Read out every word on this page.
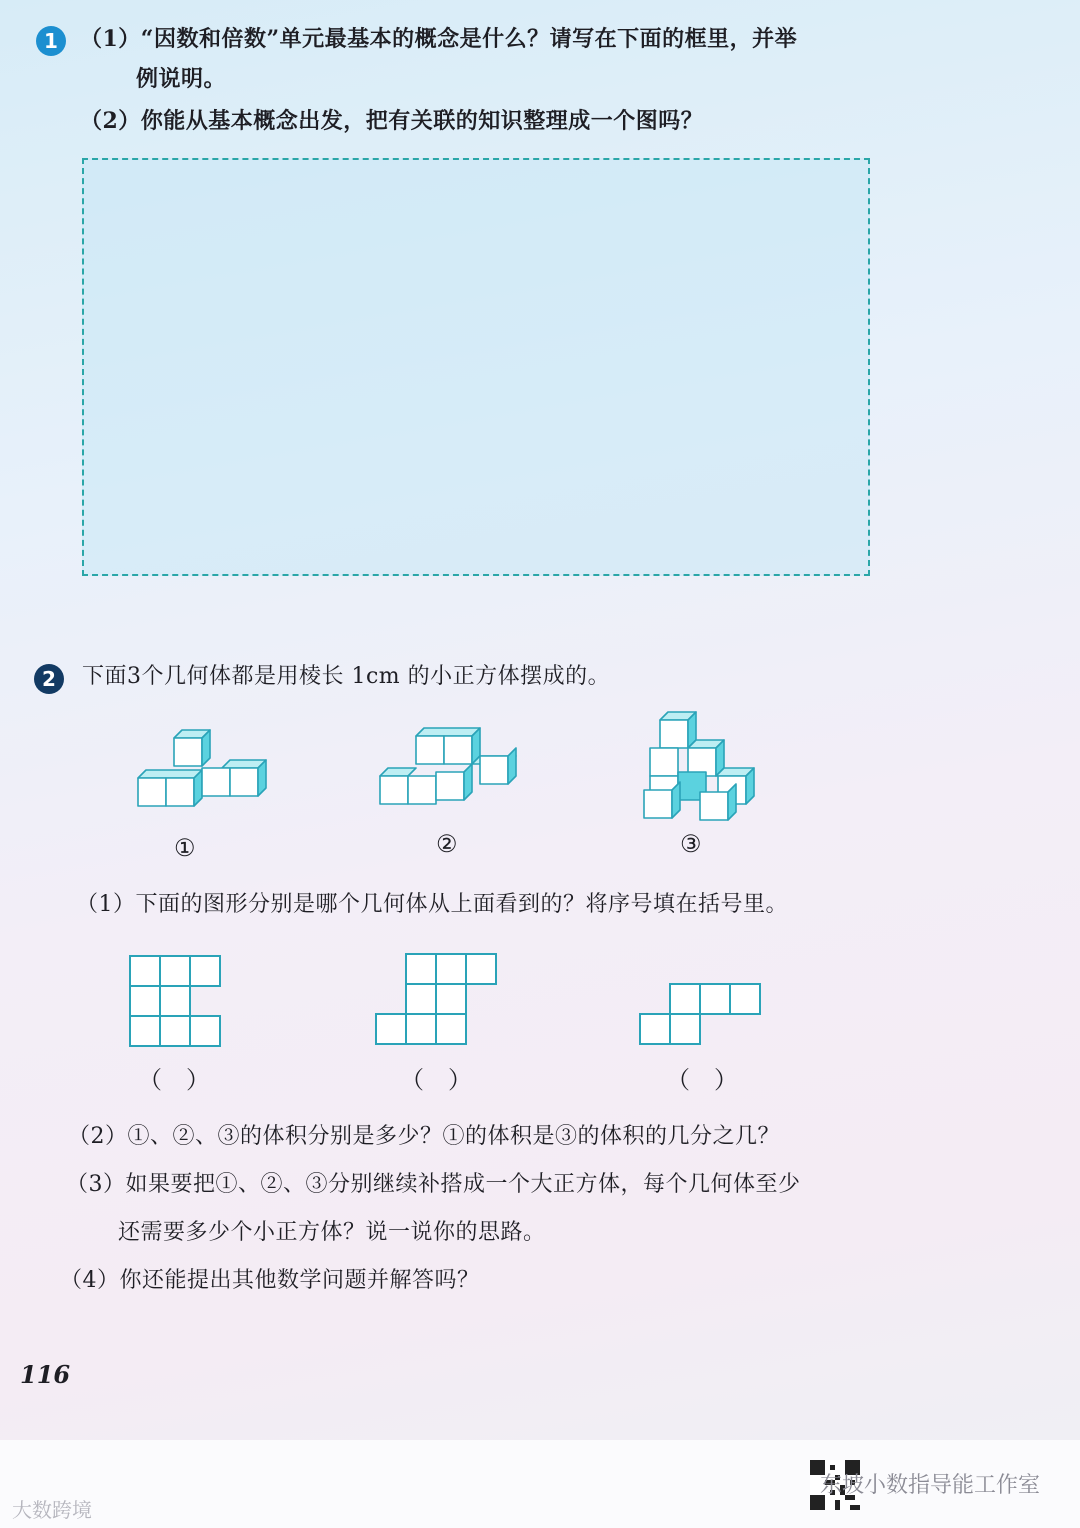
1	（1）“因数和倍数”单元最基本的概念是什么？请写在下面的框里，并举
例说明。
（2）你能从基本概念出发，把有关联的知识整理成一个图吗？
2	下面3个几何体都是用棱长 1cm 的小正方体摆成的。
①	②	③
（1）下面的图形分别是哪个几何体从上面看到的？将序号填在括号里。
（　）	（　）	（　）
（2）①、②、③的体积分别是多少？①的体积是③的体积的几分之几？
（3）如果要把①、②、③分别继续补搭成一个大正方体，每个几何体至少
还需要多少个小正方体？说一说你的思路。
（4）你还能提出其他数学问题并解答吗？
116
东坡小数指导能工作室
大数跨境
